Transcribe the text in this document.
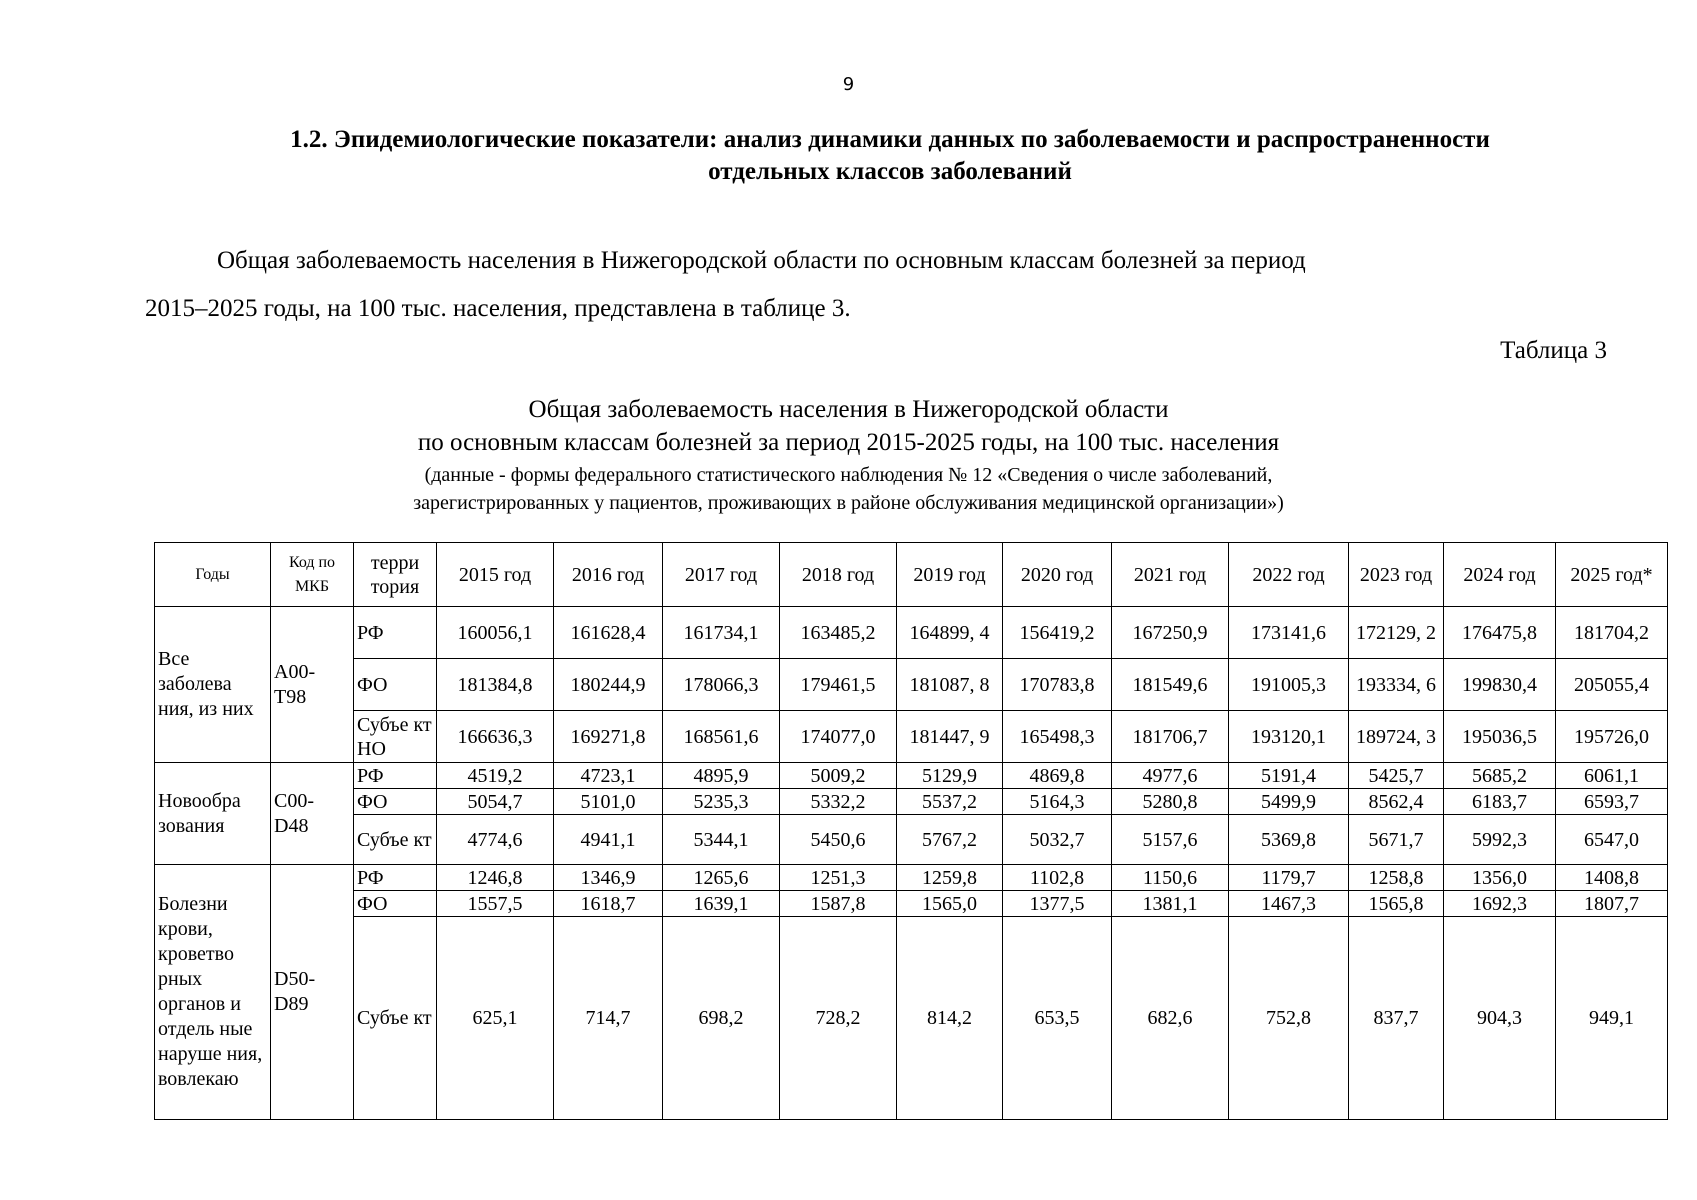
9
1.2. Эпидемиологические показатели: анализ динамики данных по заболеваемости и распространенности
отдельных классов заболеваний
Общая заболеваемость населения в Нижегородской области по основным классам болезней за период
2015–2025 годы, на 100 тыс. населения, представлена в таблице 3.
Таблица 3
Общая заболеваемость населения в Нижегородской области
по основным классам болезней за период 2015-2025 годы, на 100 тыс. населения
(данные - формы федерального статистического наблюдения № 12 «Сведения о числе заболеваний,
зарегистрированных у пациентов, проживающих в районе обслуживания медицинской организации»)
Годы	Код по МКБ	терри тория	2015 год	2016 год	2017 год	2018 год	2019 год	2020 год	2021 год	2022 год	2023 год	2024 год	2025 год*
Все заболева ния, из них	А00- Т98	РФ	160056,1	161628,4	161734,1	163485,2	164899, 4	156419,2	167250,9	173141,6	172129, 2	176475,8	181704,2
		ФО	181384,8	180244,9	178066,3	179461,5	181087, 8	170783,8	181549,6	191005,3	193334, 6	199830,4	205055,4
		Субъе кт НО	166636,3	169271,8	168561,6	174077,0	181447, 9	165498,3	181706,7	193120,1	189724, 3	195036,5	195726,0
Новообра зования	С00- D48	РФ	4519,2	4723,1	4895,9	5009,2	5129,9	4869,8	4977,6	5191,4	5425,7	5685,2	6061,1
		ФО	5054,7	5101,0	5235,3	5332,2	5537,2	5164,3	5280,8	5499,9	8562,4	6183,7	6593,7
		Субъе кт	4774,6	4941,1	5344,1	5450,6	5767,2	5032,7	5157,6	5369,8	5671,7	5992,3	6547,0
Болезни крови, кроветво рных органов и отдель ные наруше ния, вовлекаю	D50- D89	РФ	1246,8	1346,9	1265,6	1251,3	1259,8	1102,8	1150,6	1179,7	1258,8	1356,0	1408,8
		ФО	1557,5	1618,7	1639,1	1587,8	1565,0	1377,5	1381,1	1467,3	1565,8	1692,3	1807,7
		Субъе кт	625,1	714,7	698,2	728,2	814,2	653,5	682,6	752,8	837,7	904,3	949,1
